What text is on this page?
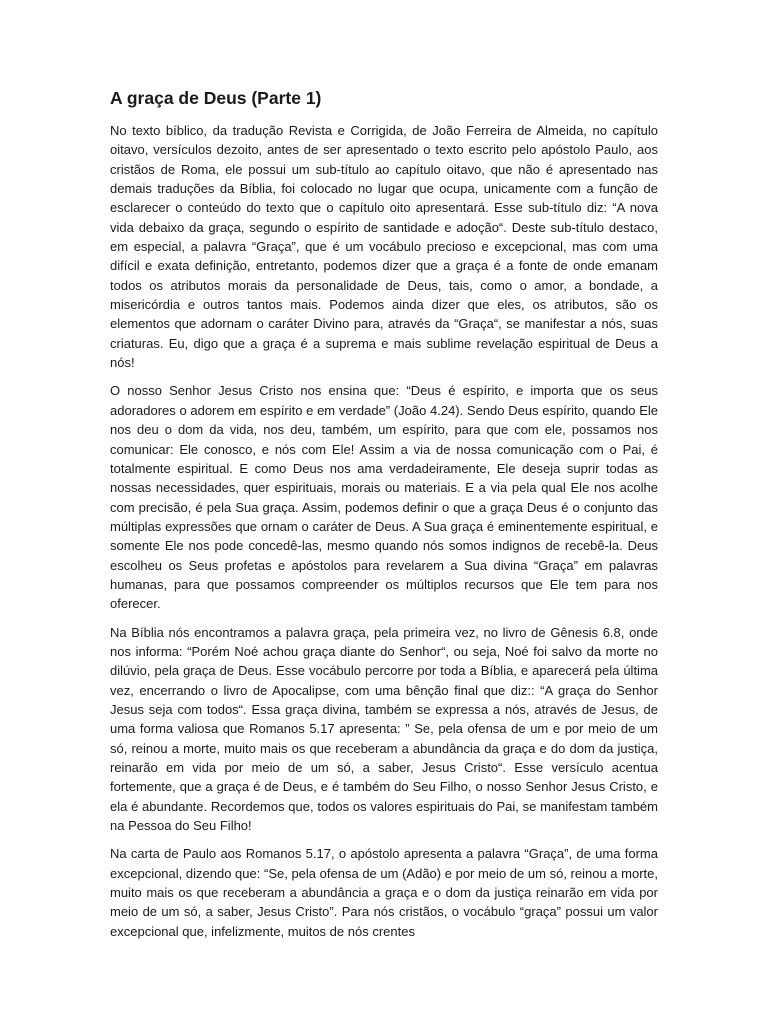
A graça de Deus (Parte 1)

No texto bíblico, da tradução Revista e Corrigida, de João Ferreira de Almeida, no capítulo oitavo, versículos dezoito, antes de ser apresentado o texto escrito pelo apóstolo Paulo, aos cristãos de Roma, ele possui um sub-título ao capítulo oitavo, que não é apresentado nas demais traduções da Bíblia, foi colocado no lugar que ocupa, unicamente com a função de esclarecer o conteúdo do texto que o capítulo oito apresentará. Esse sub-título diz: “A nova vida debaixo da graça, segundo o espírito de santidade e adoção“. Deste sub-título destaco, em especial, a palavra “Graça”, que é um vocábulo precioso e excepcional, mas com uma difícil e exata definição, entretanto, podemos dizer que a graça é a fonte de onde emanam todos os atributos morais da personalidade de Deus, tais, como o amor, a bondade, a misericórdia e outros tantos mais. Podemos ainda dizer que eles, os atributos, são os elementos que adornam o caráter Divino para, através da “Graça“, se manifestar a nós, suas criaturas. Eu, digo que a graça é a suprema e mais sublime revelação espiritual de Deus a nós!

O nosso Senhor Jesus Cristo nos ensina que: “Deus é espírito, e importa que os seus adoradores o adorem em espírito e em verdade” (João 4.24). Sendo Deus espírito, quando Ele nos deu o dom da vida, nos deu, também, um espírito, para que com ele, possamos nos comunicar: Ele conosco, e nós com Ele! Assim a via de nossa comunicação com o Pai, é totalmente espiritual. E como Deus nos ama verdadeiramente, Ele deseja suprir todas as nossas necessidades, quer espirituais, morais ou materiais. E a via pela qual Ele nos acolhe com precisão, é pela Sua graça. Assim, podemos definir o que a graça Deus é o conjunto das múltiplas expressões que ornam o caráter de Deus. A Sua graça é eminentemente espiritual, e somente Ele nos pode concedê-las, mesmo quando nós somos indignos de recebê-la. Deus escolheu os Seus profetas e apóstolos para revelarem a Sua divina “Graça” em palavras humanas, para que possamos compreender os múltiplos recursos que Ele tem para nos oferecer.

Na Bíblia nós encontramos a palavra graça, pela primeira vez, no livro de Gênesis 6.8, onde nos informa: “Porém Noé achou graça diante do Senhor“, ou seja, Noé foi salvo da morte no dilúvio, pela graça de Deus. Esse vocábulo percorre por toda a Bíblia, e aparecerá pela última vez, encerrando o livro de Apocalipse, com uma bênção final que diz:: “A graça do Senhor Jesus seja com todos“. Essa graça divina, também se expressa a nós, através de Jesus, de uma forma valiosa que Romanos 5.17 apresenta: ” Se, pela ofensa de um e por meio de um só, reinou a morte, muito mais os que receberam a abundância da graça e do dom da justiça, reinarão em vida por meio de um só, a saber, Jesus Cristo“. Esse versículo acentua fortemente, que a graça é de Deus, e é também do Seu Filho, o nosso Senhor Jesus Cristo, e ela é abundante. Recordemos que, todos os valores espirituais do Pai, se manifestam também na Pessoa do Seu Filho!

Na carta de Paulo aos Romanos 5.17, o apóstolo apresenta a palavra “Graça”, de uma forma excepcional, dizendo que: “Se, pela ofensa de um (Adão) e por meio de um só, reinou a morte, muito mais os que receberam a abundância a graça e o dom da justiça reinarão em vida por meio de um só, a saber, Jesus Cristo”. Para nós cristãos, o vocábulo “graça” possui um valor excepcional que, infelizmente, muitos de nós crentes
